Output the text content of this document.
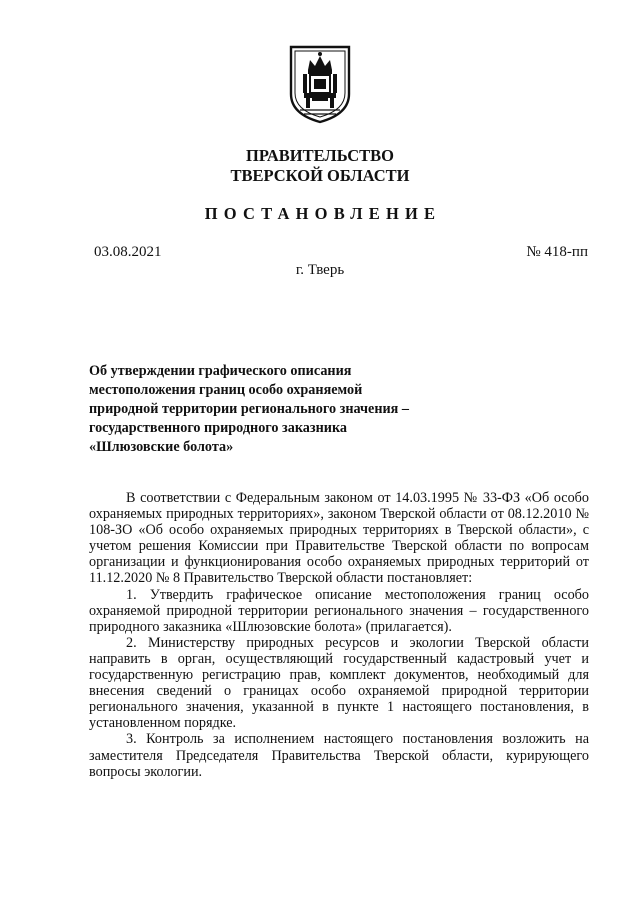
ПРАВИТЕЛЬСТВО
ТВЕРСКОЙ ОБЛАСТИ
ПОСТАНОВЛЕНИЕ
03.08.2021	№ 418-пп
г. Тверь
Об утверждении графического описания
местоположения границ особо охраняемой
природной территории регионального значения –
государственного природного заказника
«Шлюзовские болота»

В соответствии с Федеральным законом от 14.03.1995 № 33-ФЗ «Об особо охраняемых природных территориях», законом Тверской области от 08.12.2010 № 108-ЗО «Об особо охраняемых природных территориях в Тверской области», с учетом решения Комиссии при Правительстве Тверской области по вопросам организации и функционирования особо охраняемых природных территорий от 11.12.2020 № 8 Правительство Тверской области постановляет:

1. Утвердить графическое описание местоположения границ особо охраняемой природной территории регионального значения – государственного природного заказника «Шлюзовские болота» (прилагается).

2. Министерству природных ресурсов и экологии Тверской области направить в орган, осуществляющий государственный кадастровый учет и государственную регистрацию прав, комплект документов, необходимый для внесения сведений о границах особо охраняемой природной территории регионального значения, указанной в пункте 1 настоящего постановления, в установленном порядке.

3. Контроль за исполнением настоящего постановления возложить на заместителя Председателя Правительства Тверской области, курирующего вопросы экологии.
